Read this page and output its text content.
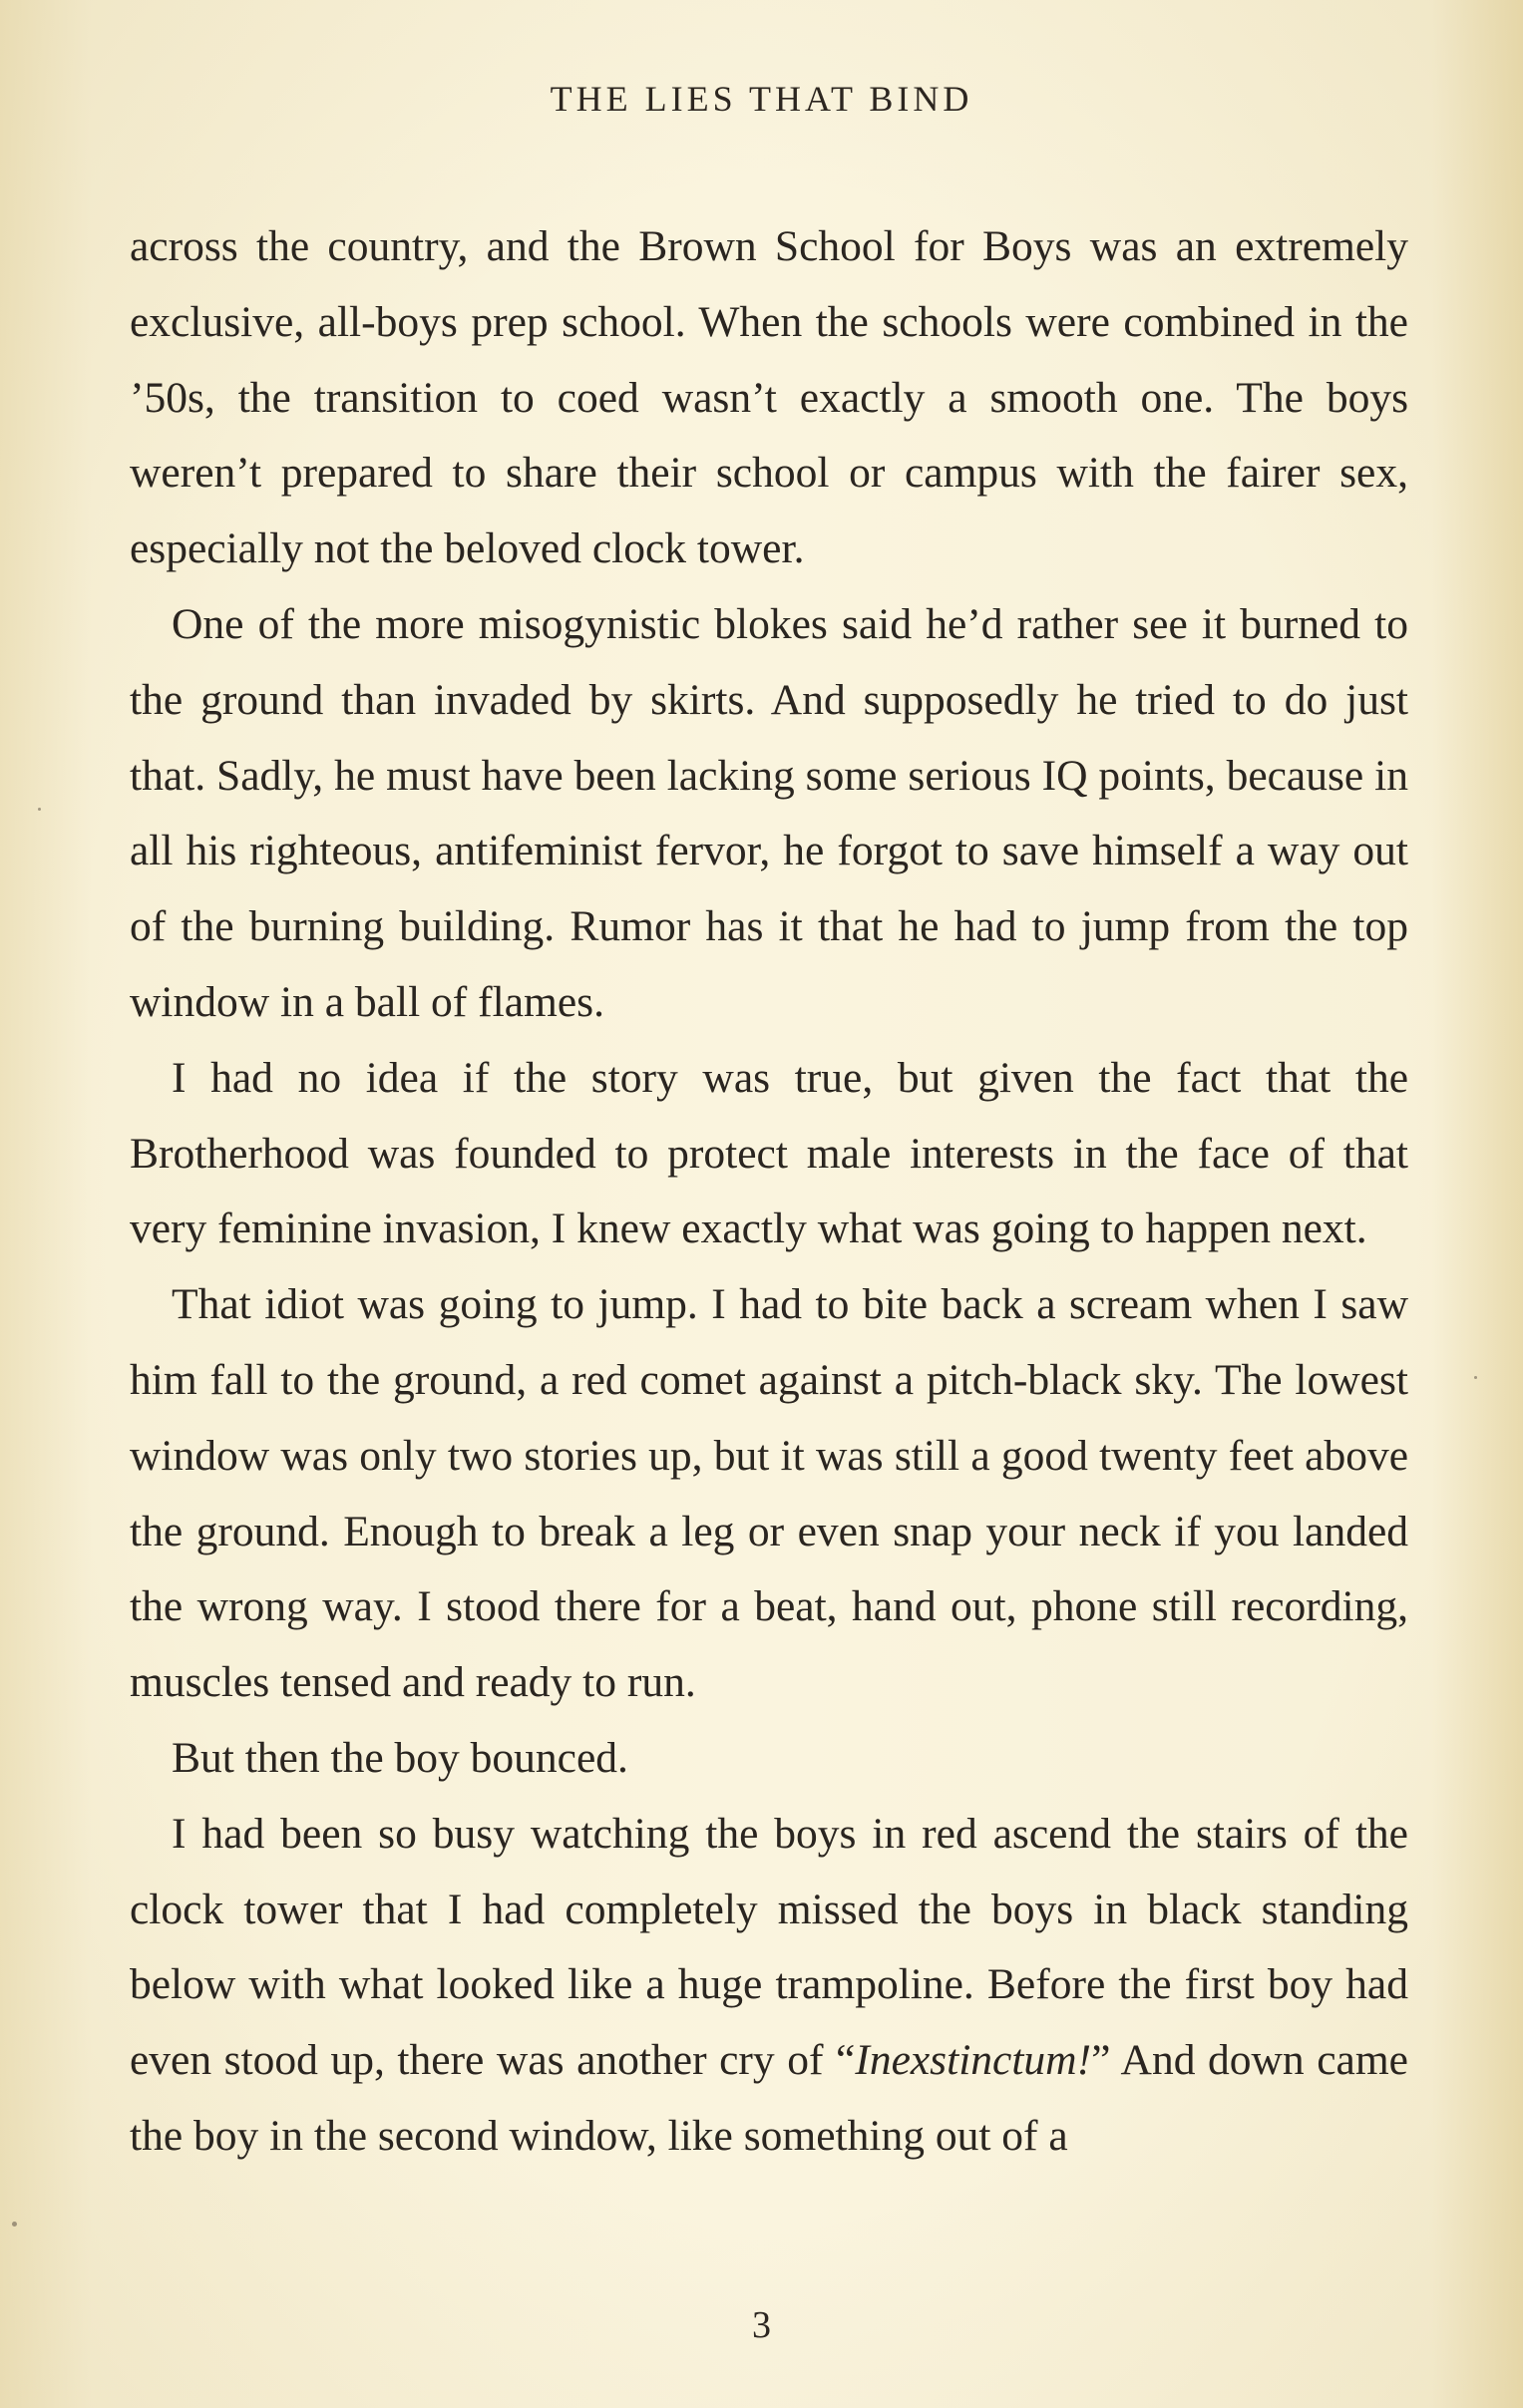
THE LIES THAT BIND

across the country, and the Brown School for Boys was an extremely exclusive, all-boys prep school. When the schools were combined in the ’50s, the transition to coed wasn’t exactly a smooth one. The boys weren’t prepared to share their school or campus with the fairer sex, especially not the beloved clock tower.

One of the more misogynistic blokes said he’d rather see it burned to the ground than invaded by skirts. And supposedly he tried to do just that. Sadly, he must have been lacking some serious IQ points, because in all his righteous, antifeminist fervor, he forgot to save himself a way out of the burning building. Rumor has it that he had to jump from the top window in a ball of flames.

I had no idea if the story was true, but given the fact that the Brotherhood was founded to protect male interests in the face of that very feminine invasion, I knew exactly what was going to happen next.

That idiot was going to jump. I had to bite back a scream when I saw him fall to the ground, a red comet against a pitch-black sky. The lowest window was only two stories up, but it was still a good twenty feet above the ground. Enough to break a leg or even snap your neck if you landed the wrong way. I stood there for a beat, hand out, phone still recording, muscles tensed and ready to run.

But then the boy bounced.

I had been so busy watching the boys in red ascend the stairs of the clock tower that I had completely missed the boys in black standing below with what looked like a huge trampoline. Before the first boy had even stood up, there was another cry of “Inexstinctum!” And down came the boy in the second window, like something out of a

3
